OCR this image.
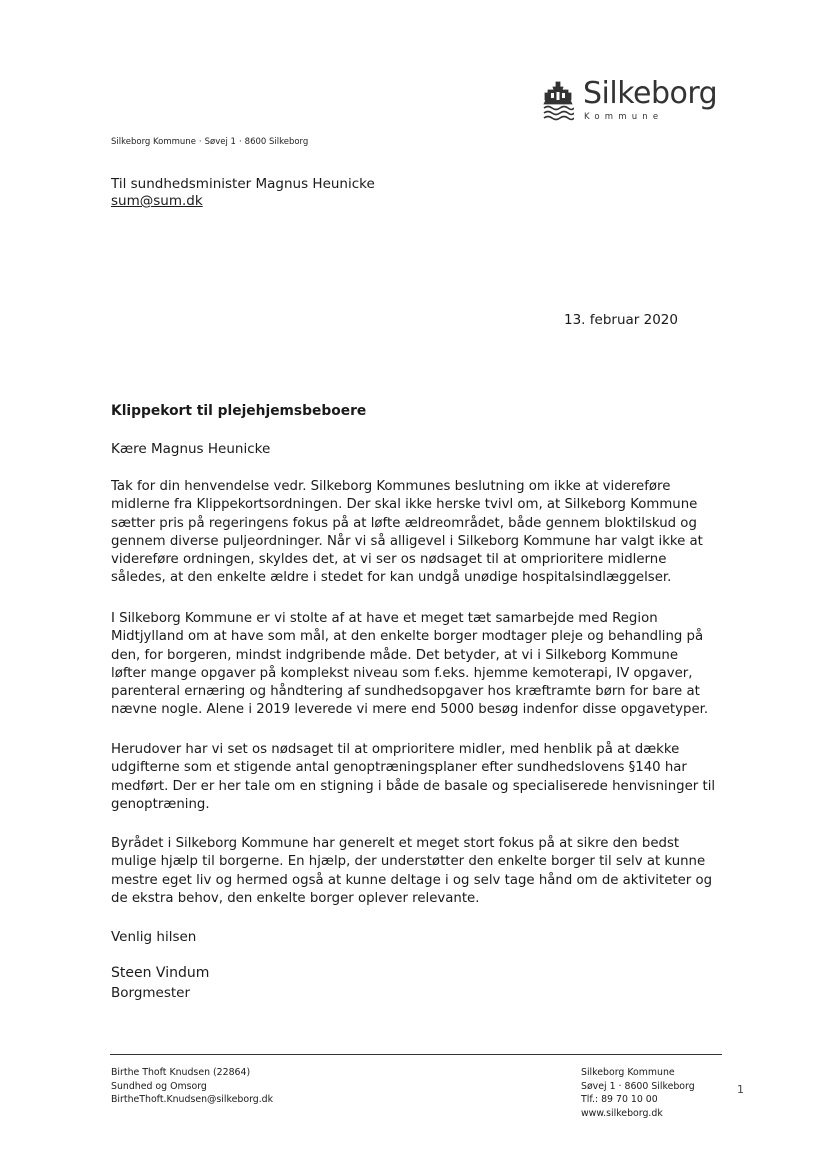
Silkeborg
Kommune
Silkeborg Kommune · Søvej 1 · 8600 Silkeborg
Til sundhedsminister Magnus Heunicke
sum@sum.dk
13. februar 2020
Klippekort til plejehjemsbeboere
Kære Magnus Heunicke

Tak for din henvendelse vedr. Silkeborg Kommunes beslutning om ikke at videreføre
midlerne fra Klippekortsordningen. Der skal ikke herske tvivl om, at Silkeborg Kommune
sætter pris på regeringens fokus på at løfte ældreområdet, både gennem bloktilskud og
gennem diverse puljeordninger. Når vi så alligevel i Silkeborg Kommune har valgt ikke at
videreføre ordningen, skyldes det, at vi ser os nødsaget til at omprioritere midlerne
således, at den enkelte ældre i stedet for kan undgå unødige hospitalsindlæggelser.

I Silkeborg Kommune er vi stolte af at have et meget tæt samarbejde med Region
Midtjylland om at have som mål, at den enkelte borger modtager pleje og behandling på
den, for borgeren, mindst indgribende måde. Det betyder, at vi i Silkeborg Kommune
løfter mange opgaver på komplekst niveau som f.eks. hjemme kemoterapi, IV opgaver,
parenteral ernæring og håndtering af sundhedsopgaver hos kræftramte børn for bare at
nævne nogle. Alene i 2019 leverede vi mere end 5000 besøg indenfor disse opgavetyper.

Herudover har vi set os nødsaget til at omprioritere midler, med henblik på at dække
udgifterne som et stigende antal genoptræningsplaner efter sundhedslovens §140 har
medført. Der er her tale om en stigning i både de basale og specialiserede henvisninger til
genoptræning.

Byrådet i Silkeborg Kommune har generelt et meget stort fokus på at sikre den bedst
mulige hjælp til borgerne. En hjælp, der understøtter den enkelte borger til selv at kunne
mestre eget liv og hermed også at kunne deltage i og selv tage hånd om de aktiviteter og
de ekstra behov, den enkelte borger oplever relevante.

Venlig hilsen
Steen Vindum
Borgmester
Birthe Thoft Knudsen (22864)
Sundhed og Omsorg
BirtheThoft.Knudsen@silkeborg.dk
Silkeborg Kommune
Søvej 1 · 8600 Silkeborg
Tlf.: 89 70 10 00
www.silkeborg.dk
1
